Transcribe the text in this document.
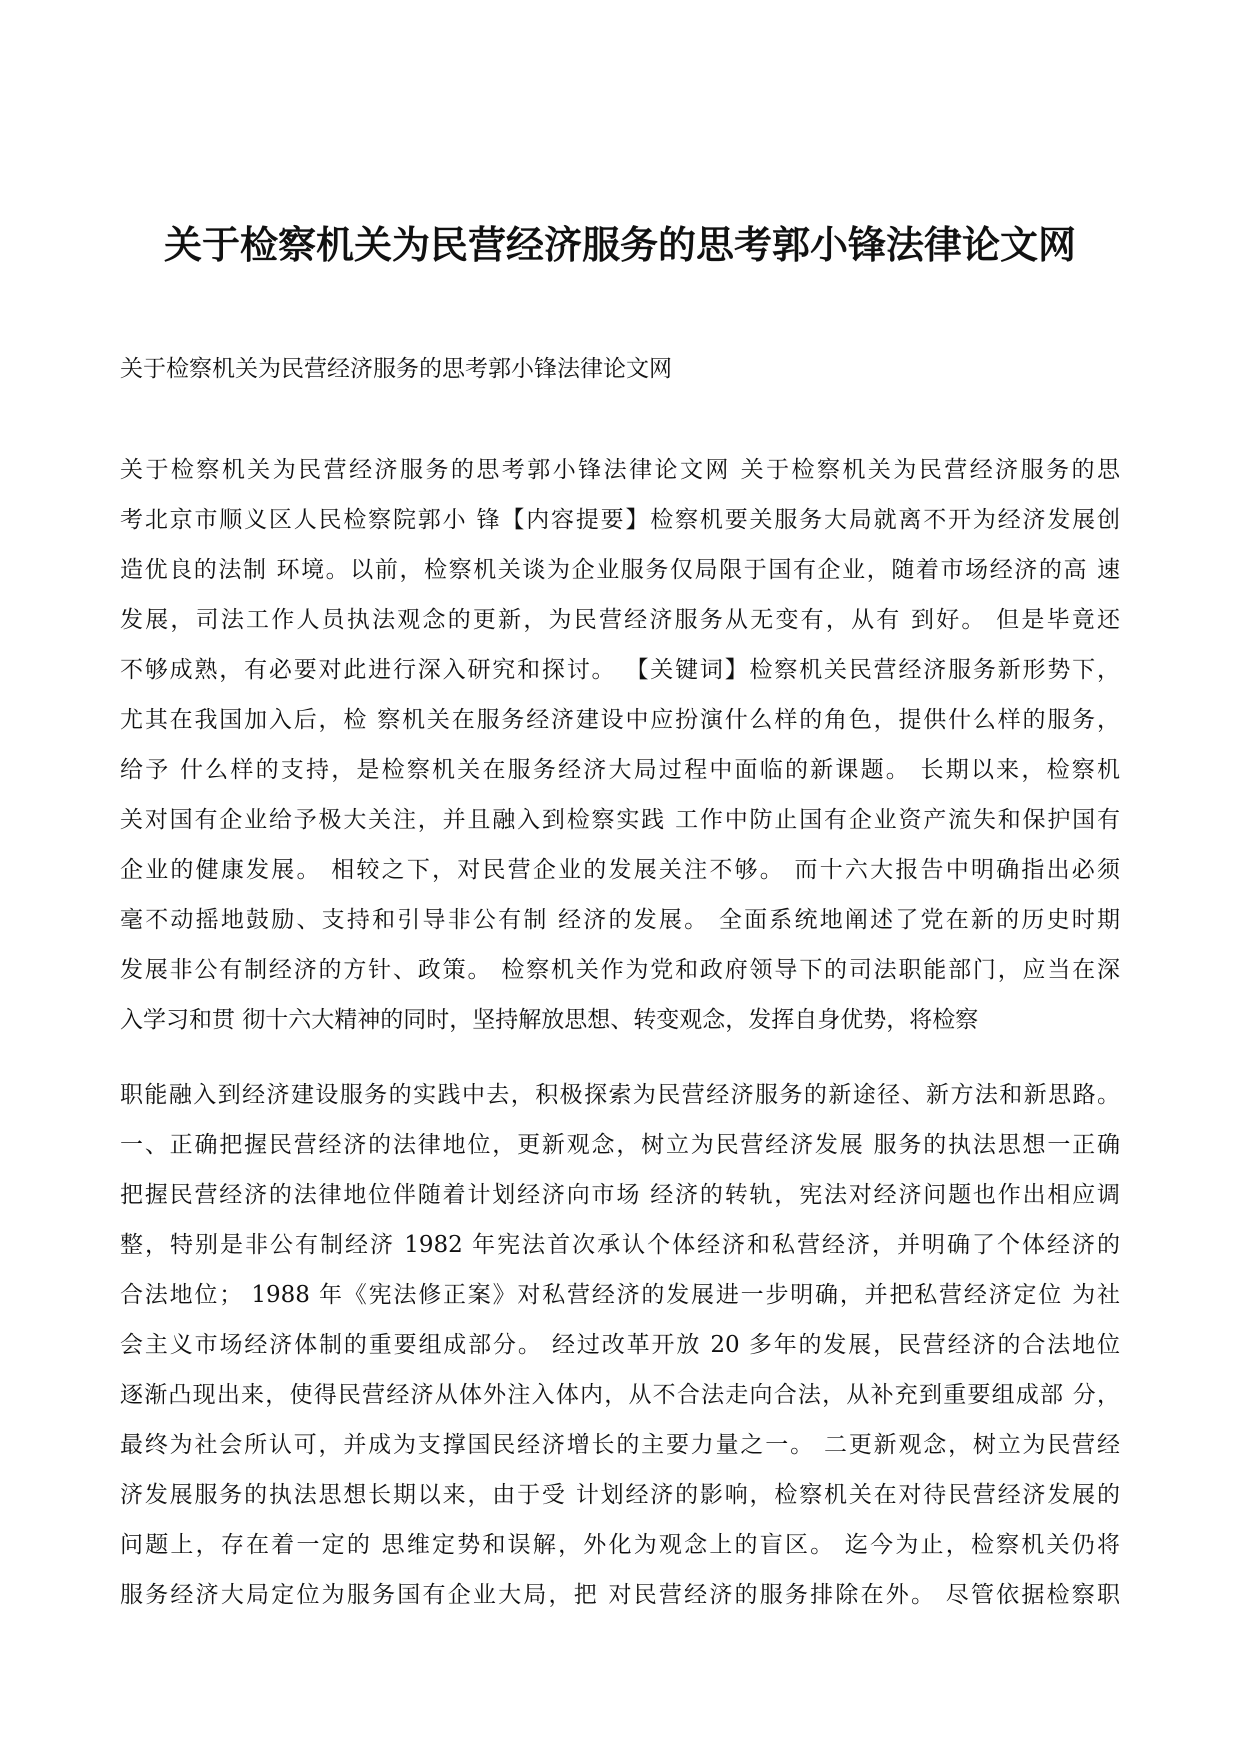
关于检察机关为民营经济服务的思考郭小锋法律论文网
关于检察机关为民营经济服务的思考郭小锋法律论文网
关于检察机关为民营经济服务的思考郭小锋法律论文网 关于检察机关为民营经济服务的思
考北京市顺义区人民检察院郭小 锋【内容提要】检察机要关服务大局就离不开为经济发展创
造优良的法制 环境。以前，检察机关谈为企业服务仅局限于国有企业，随着市场经济的高 速
发展，司法工作人员执法观念的更新，为民营经济服务从无变有，从有 到好。 但是毕竟还
不够成熟，有必要对此进行深入研究和探讨。 【关键词】检察机关民营经济服务新形势下，
尤其在我国加入后，检 察机关在服务经济建设中应扮演什么样的角色，提供什么样的服务，
给予 什么样的支持，是检察机关在服务经济大局过程中面临的新课题。 长期以来，检察机
关对国有企业给予极大关注，并且融入到检察实践 工作中防止国有企业资产流失和保护国有
企业的健康发展。 相较之下，对民营企业的发展关注不够。 而十六大报告中明确指出必须
毫不动摇地鼓励、支持和引导非公有制 经济的发展。 全面系统地阐述了党在新的历史时期
发展非公有制经济的方针、政策。 检察机关作为党和政府领导下的司法职能部门，应当在深
入学习和贯 彻十六大精神的同时，坚持解放思想、转变观念，发挥自身优势，将检察
职能融入到经济建设服务的实践中去，积极探索为民营经济服务的新途径、新方法和新思路。
一、正确把握民营经济的法律地位，更新观念，树立为民营经济发展 服务的执法思想一正确
把握民营经济的法律地位伴随着计划经济向市场 经济的转轨，宪法对经济问题也作出相应调
整，特别是非公有制经济 1982 年宪法首次承认个体经济和私营经济，并明确了个体经济的
合法地位； 1988 年《宪法修正案》对私营经济的发展进一步明确，并把私营经济定位 为社
会主义市场经济体制的重要组成部分。 经过改革开放 20 多年的发展，民营经济的合法地位
逐渐凸现出来，使得民营经济从体外注入体内，从不合法走向合法，从补充到重要组成部 分，
最终为社会所认可，并成为支撑国民经济增长的主要力量之一。 二更新观念，树立为民营经
济发展服务的执法思想长期以来，由于受 计划经济的影响，检察机关在对待民营经济发展的
问题上，存在着一定的 思维定势和误解，外化为观念上的盲区。 迄今为止，检察机关仍将
服务经济大局定位为服务国有企业大局，把 对民营经济的服务排除在外。 尽管依据检察职
